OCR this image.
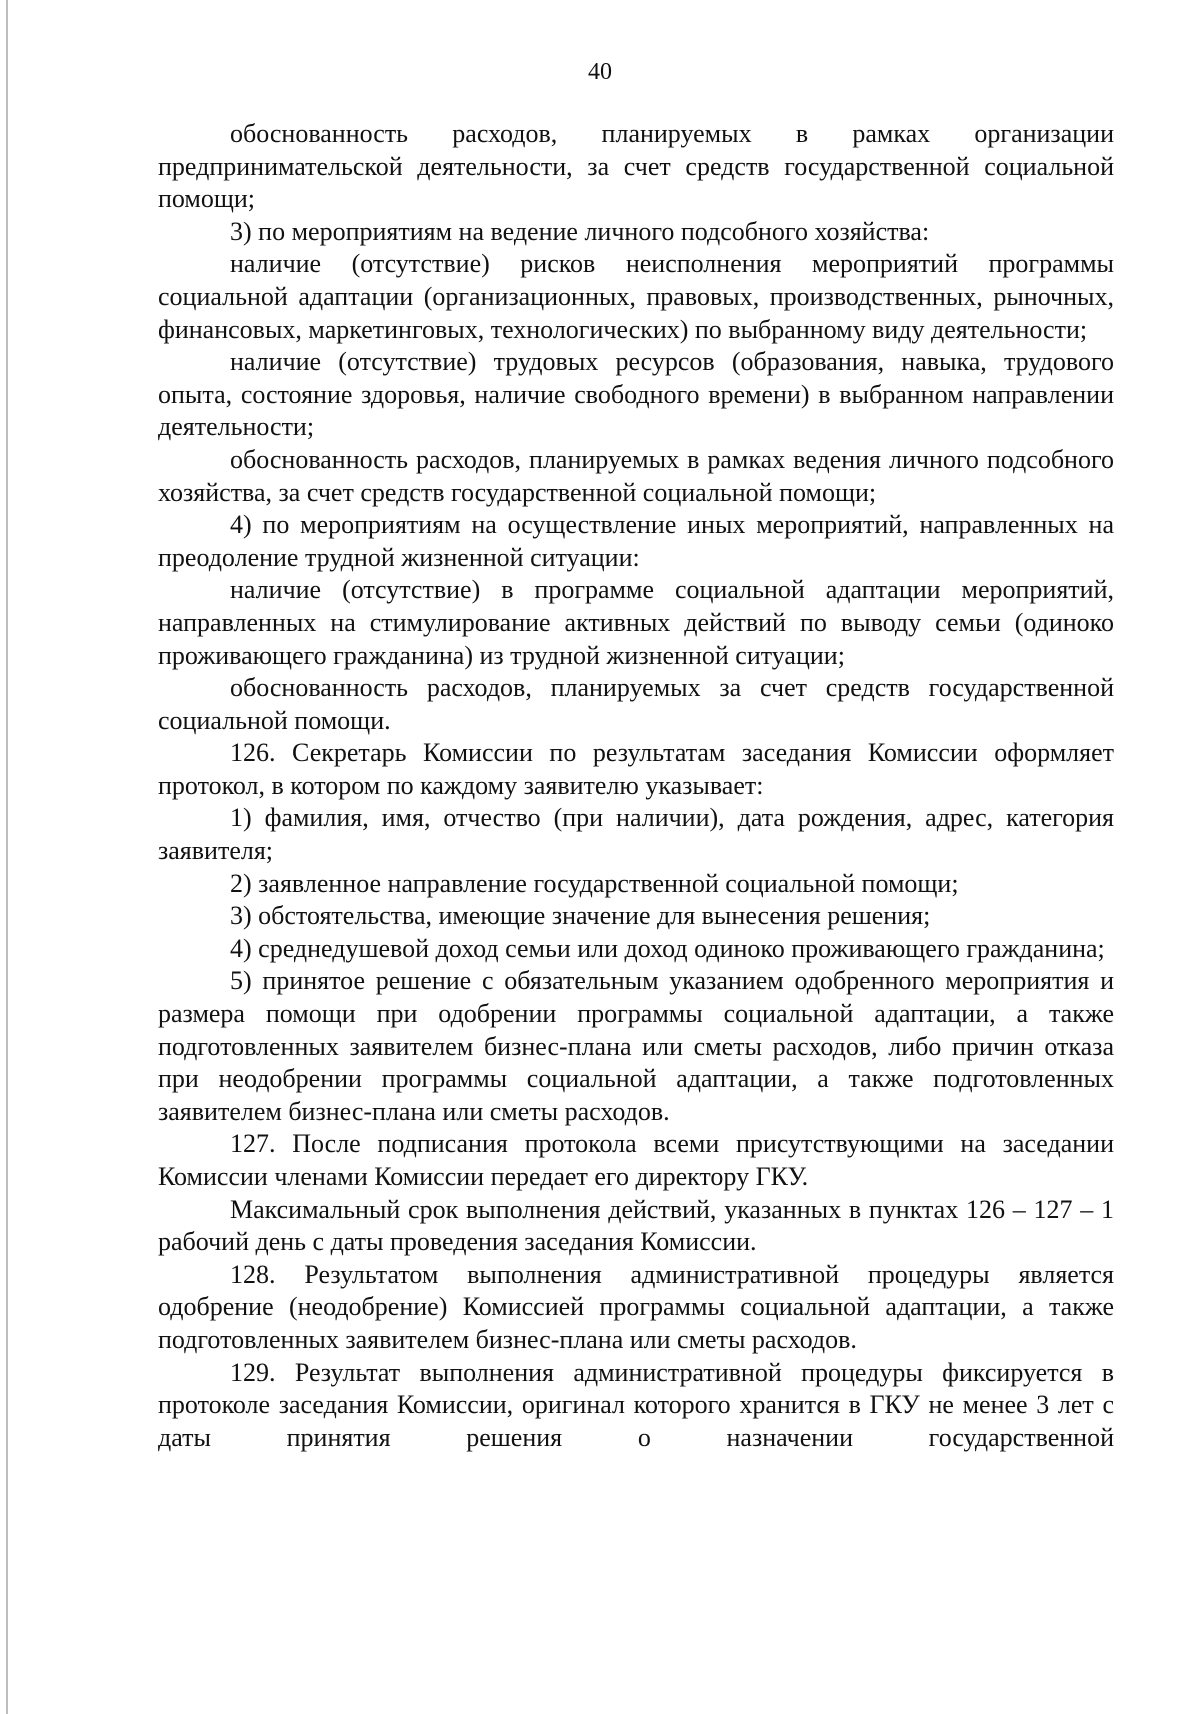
40

обоснованность расходов, планируемых в рамках организации предпринимательской деятельности, за счет средств государственной социальной помощи;

3) по мероприятиям на ведение личного подсобного хозяйства:

наличие (отсутствие) рисков неисполнения мероприятий программы социальной адаптации (организационных, правовых, производственных, рыночных, финансовых, маркетинговых, технологических) по выбранному виду деятельности;

наличие (отсутствие) трудовых ресурсов (образования, навыка, трудового опыта, состояние здоровья, наличие свободного времени) в выбранном направлении деятельности;

обоснованность расходов, планируемых в рамках ведения личного подсобного хозяйства, за счет средств государственной социальной помощи;

4) по мероприятиям на осуществление иных мероприятий, направленных на преодоление трудной жизненной ситуации:

наличие (отсутствие) в программе социальной адаптации мероприятий, направленных на стимулирование активных действий по выводу семьи (одиноко проживающего гражданина) из трудной жизненной ситуации;

обоснованность расходов, планируемых за счет средств государственной социальной помощи.

126. Секретарь Комиссии по результатам заседания Комиссии оформляет протокол, в котором по каждому заявителю указывает:

1) фамилия, имя, отчество (при наличии), дата рождения, адрес, категория заявителя;

2) заявленное направление государственной социальной помощи;

3) обстоятельства, имеющие значение для вынесения решения;

4) среднедушевой доход семьи или доход одиноко проживающего гражданина;

5) принятое решение с обязательным указанием одобренного мероприятия и размера помощи при одобрении программы социальной адаптации, а также подготовленных заявителем бизнес-плана или сметы расходов, либо причин отказа при неодобрении программы социальной адаптации, а также подготовленных заявителем бизнес-плана или сметы расходов.

127. После подписания протокола всеми присутствующими на заседании Комиссии членами Комиссии передает его директору ГКУ.

Максимальный срок выполнения действий, указанных в пунктах 126 – 127 – 1 рабочий день с даты проведения заседания Комиссии.

128. Результатом выполнения административной процедуры является одобрение (неодобрение) Комиссией программы социальной адаптации, а также подготовленных заявителем бизнес-плана или сметы расходов.

129. Результат выполнения административной процедуры фиксируется в протоколе заседания Комиссии, оригинал которого хранится в ГКУ не менее 3 лет с даты принятия решения о назначении государственной
